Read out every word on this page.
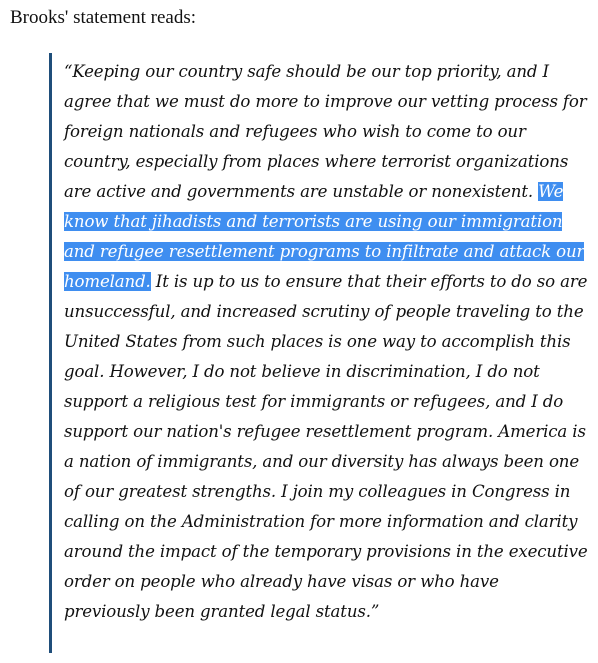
Brooks' statement reads:

“Keeping our country safe should be our top priority, and I agree that we must do more to improve our vetting process for foreign nationals and refugees who wish to come to our country, especially from places where terrorist organizations are active and governments are unstable or nonexistent. We know that jihadists and terrorists are using our immigration and refugee resettlement programs to infiltrate and attack our homeland. It is up to us to ensure that their efforts to do so are unsuccessful, and increased scrutiny of people traveling to the United States from such places is one way to accomplish this goal. However, I do not believe in discrimination, I do not support a religious test for immigrants or refugees, and I do support our nation's refugee resettlement program. America is a nation of immigrants, and our diversity has always been one of our greatest strengths. I join my colleagues in Congress in calling on the Administration for more information and clarity around the impact of the temporary provisions in the executive order on people who already have visas or who have previously been granted legal status.”
